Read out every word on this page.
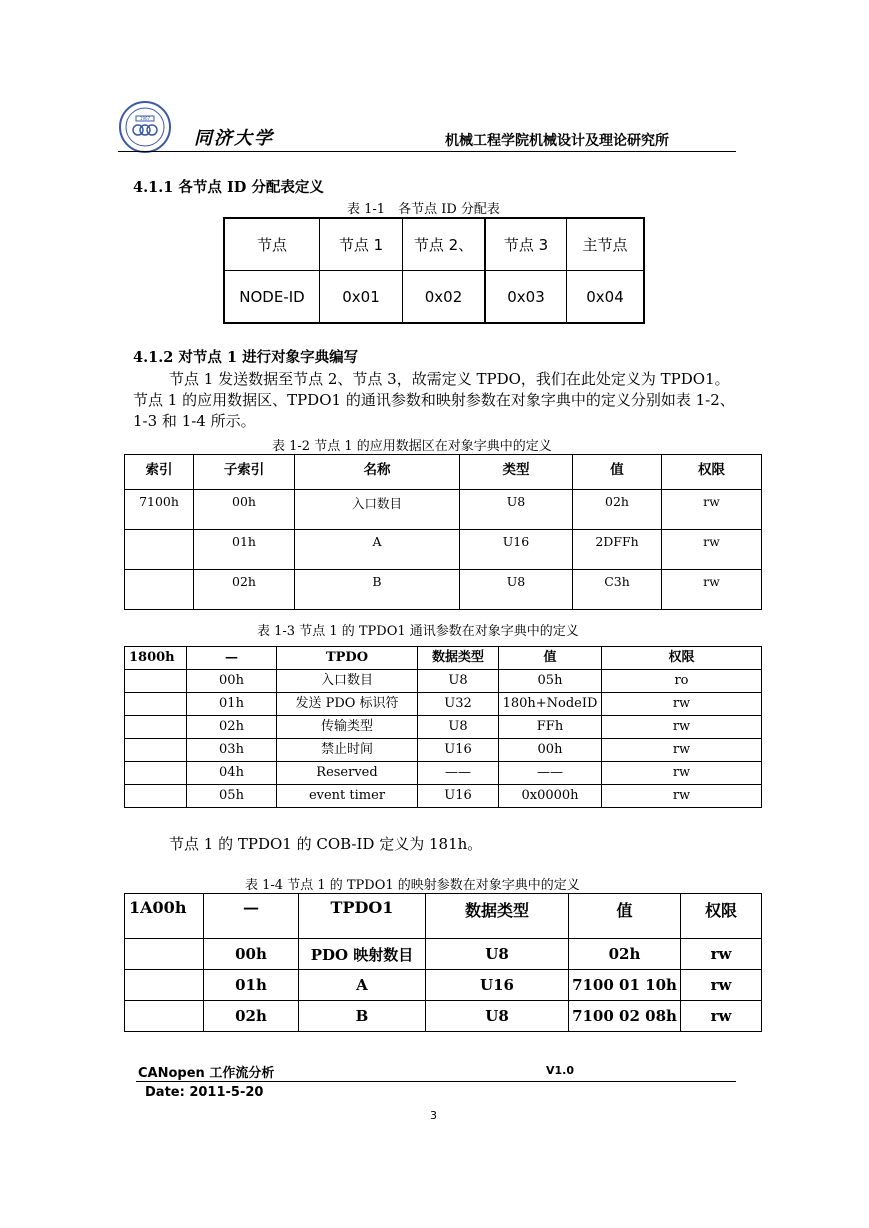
1907
同济大学	机械工程学院机械设计及理论研究所
4.1.1 各节点 ID 分配表定义
表 1-1　各节点 ID 分配表
节点	节点 1	节点 2、	节点 3	主节点
NODE-ID	0x01	0x02	0x03	0x04
4.1.2 对节点 1 进行对象字典编写
节点 1 发送数据至节点 2、节点 3，故需定义 TPDO，我们在此处定义为 TPDO1。节点 1 的应用数据区、TPDO1 的通讯参数和映射参数在对象字典中的定义分别如表 1-2、1-3 和 1-4 所示。
表 1-2 节点 1 的应用数据区在对象字典中的定义
索引	子索引	名称	类型	值	权限
7100h	00h	入口数目	U8	02h	rw
	01h	A	U16	2DFFh	rw
	02h	B	U8	C3h	rw
表 1-3 节点 1 的 TPDO1 通讯参数在对象字典中的定义
1800h	—	TPDO	数据类型	值	权限
	00h	入口数目	U8	05h	ro
	01h	发送 PDO 标识符	U32	180h+NodeID	rw
	02h	传输类型	U8	FFh	rw
	03h	禁止时间	U16	00h	rw
	04h	Reserved	——	——	rw
	05h	event timer	U16	0x0000h	rw
节点 1 的 TPDO1 的 COB-ID 定义为 181h。
表 1-4 节点 1 的 TPDO1 的映射参数在对象字典中的定义
1A00h	—	TPDO1	数据类型	值	权限
	00h	PDO 映射数目	U8	02h	rw
	01h	A	U16	7100 01 10h	rw
	02h	B	U8	7100 02 08h	rw
CANopen 工作流分析	V1.0
Date: 2011-5-20
3
